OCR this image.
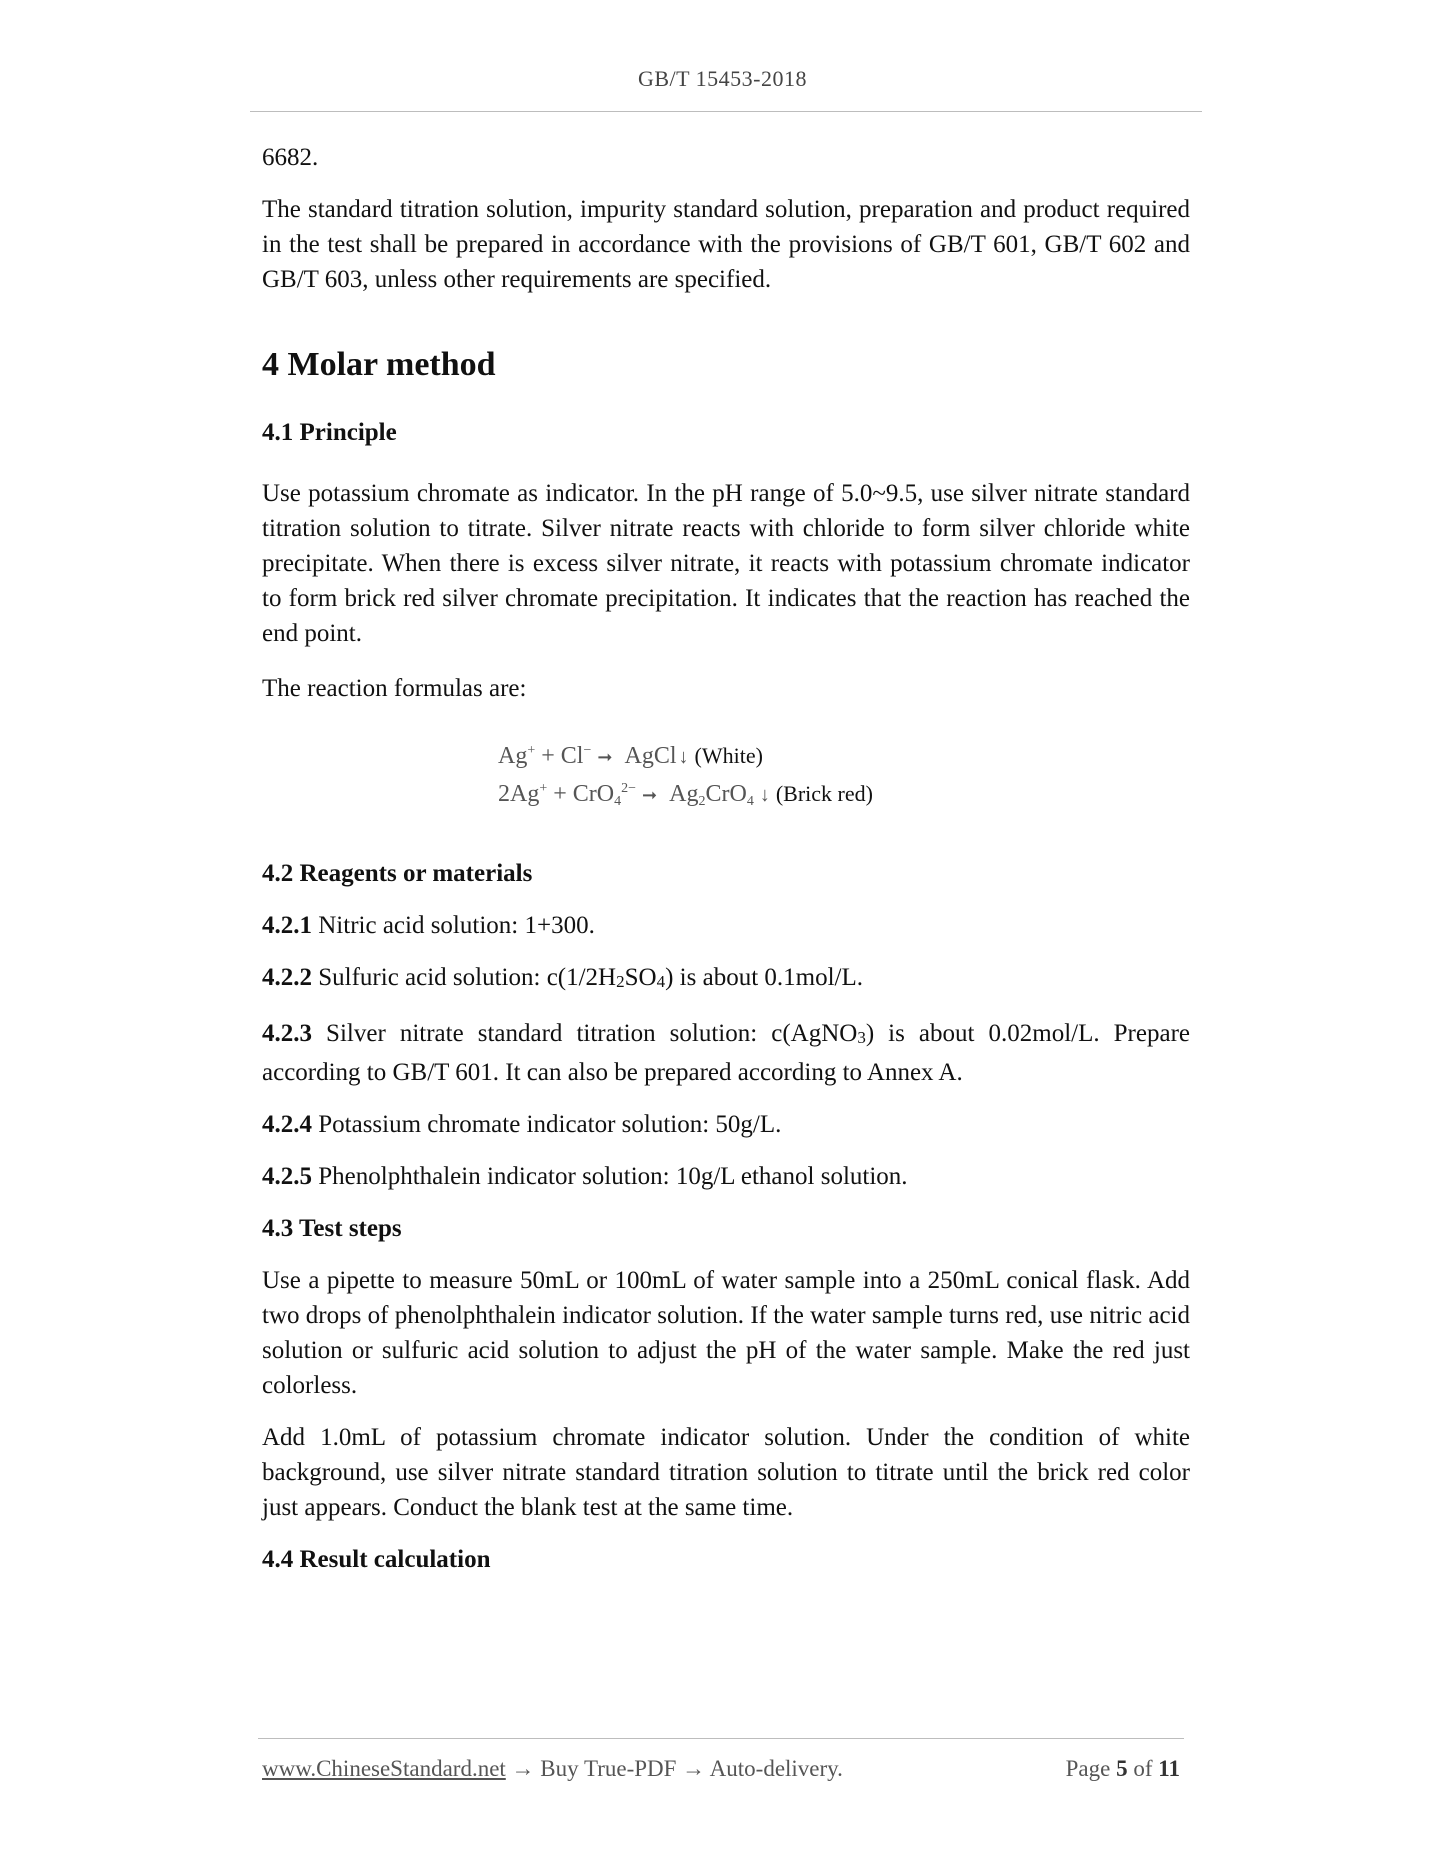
GB/T 15453-2018

6682.

The standard titration solution, impurity standard solution, preparation and product required in the test shall be prepared in accordance with the provisions of GB/T 601, GB/T 602 and GB/T 603, unless other requirements are specified.

4 Molar method
4.1 Principle

Use potassium chromate as indicator. In the pH range of 5.0~9.5, use silver nitrate standard titration solution to titrate. Silver nitrate reacts with chloride to form silver chloride white precipitate. When there is excess silver nitrate, it reacts with potassium chromate indicator to form brick red silver chromate precipitation. It indicates that the reaction has reached the end point.

The reaction formulas are:

Ag+ + Cl− ➞ AgCl ↓ (White)
$2Ag^+ + CrO4^{2-}$ ➞ Ag2CrO4 ↓ (Brick red)
4.2 Reagents or materials

4.2.1 Nitric acid solution: 1+300.

4.2.2 Sulfuric acid solution: c(1/2H2SO4) is about 0.1mol/L.

4.2.3 Silver nitrate standard titration solution: c(AgNO3) is about 0.02mol/L. Prepare according to GB/T 601. It can also be prepared according to Annex A.

4.2.4 Potassium chromate indicator solution: 50g/L.

4.2.5 Phenolphthalein indicator solution: 10g/L ethanol solution.

4.3 Test steps

Use a pipette to measure 50mL or 100mL of water sample into a 250mL conical flask. Add two drops of phenolphthalein indicator solution. If the water sample turns red, use nitric acid solution or sulfuric acid solution to adjust the pH of the water sample. Make the red just colorless.

Add 1.0mL of potassium chromate indicator solution. Under the condition of white background, use silver nitrate standard titration solution to titrate until the brick red color just appears. Conduct the blank test at the same time.

4.4 Result calculation
www.ChineseStandard.net → Buy True-PDF → Auto-delivery.	Page 5 of 11
